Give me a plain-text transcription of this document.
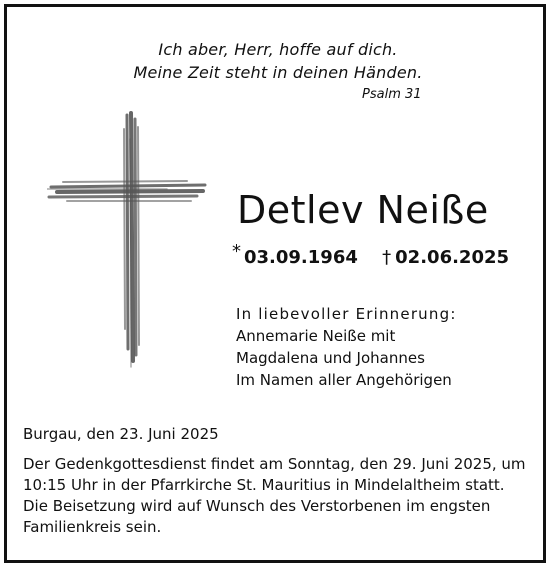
Ich aber, Herr, hoffe auf dich.
Meine Zeit steht in deinen Händen.
Psalm 31
Detlev Neiße
* 03.09.1964 † 02.06.2025
In liebevoller Erinnerung:
Annemarie Neiße mit
Magdalena und Johannes
Im Namen aller Angehörigen
Burgau, den 23. Juni 2025
Der Gedenkgottesdienst findet am Sonntag, den 29. Juni 2025, um
10:15 Uhr in der Pfarrkirche St. Mauritius in Mindelaltheim statt.
Die Beisetzung wird auf Wunsch des Verstorbenen im engsten
Familienkreis sein.
